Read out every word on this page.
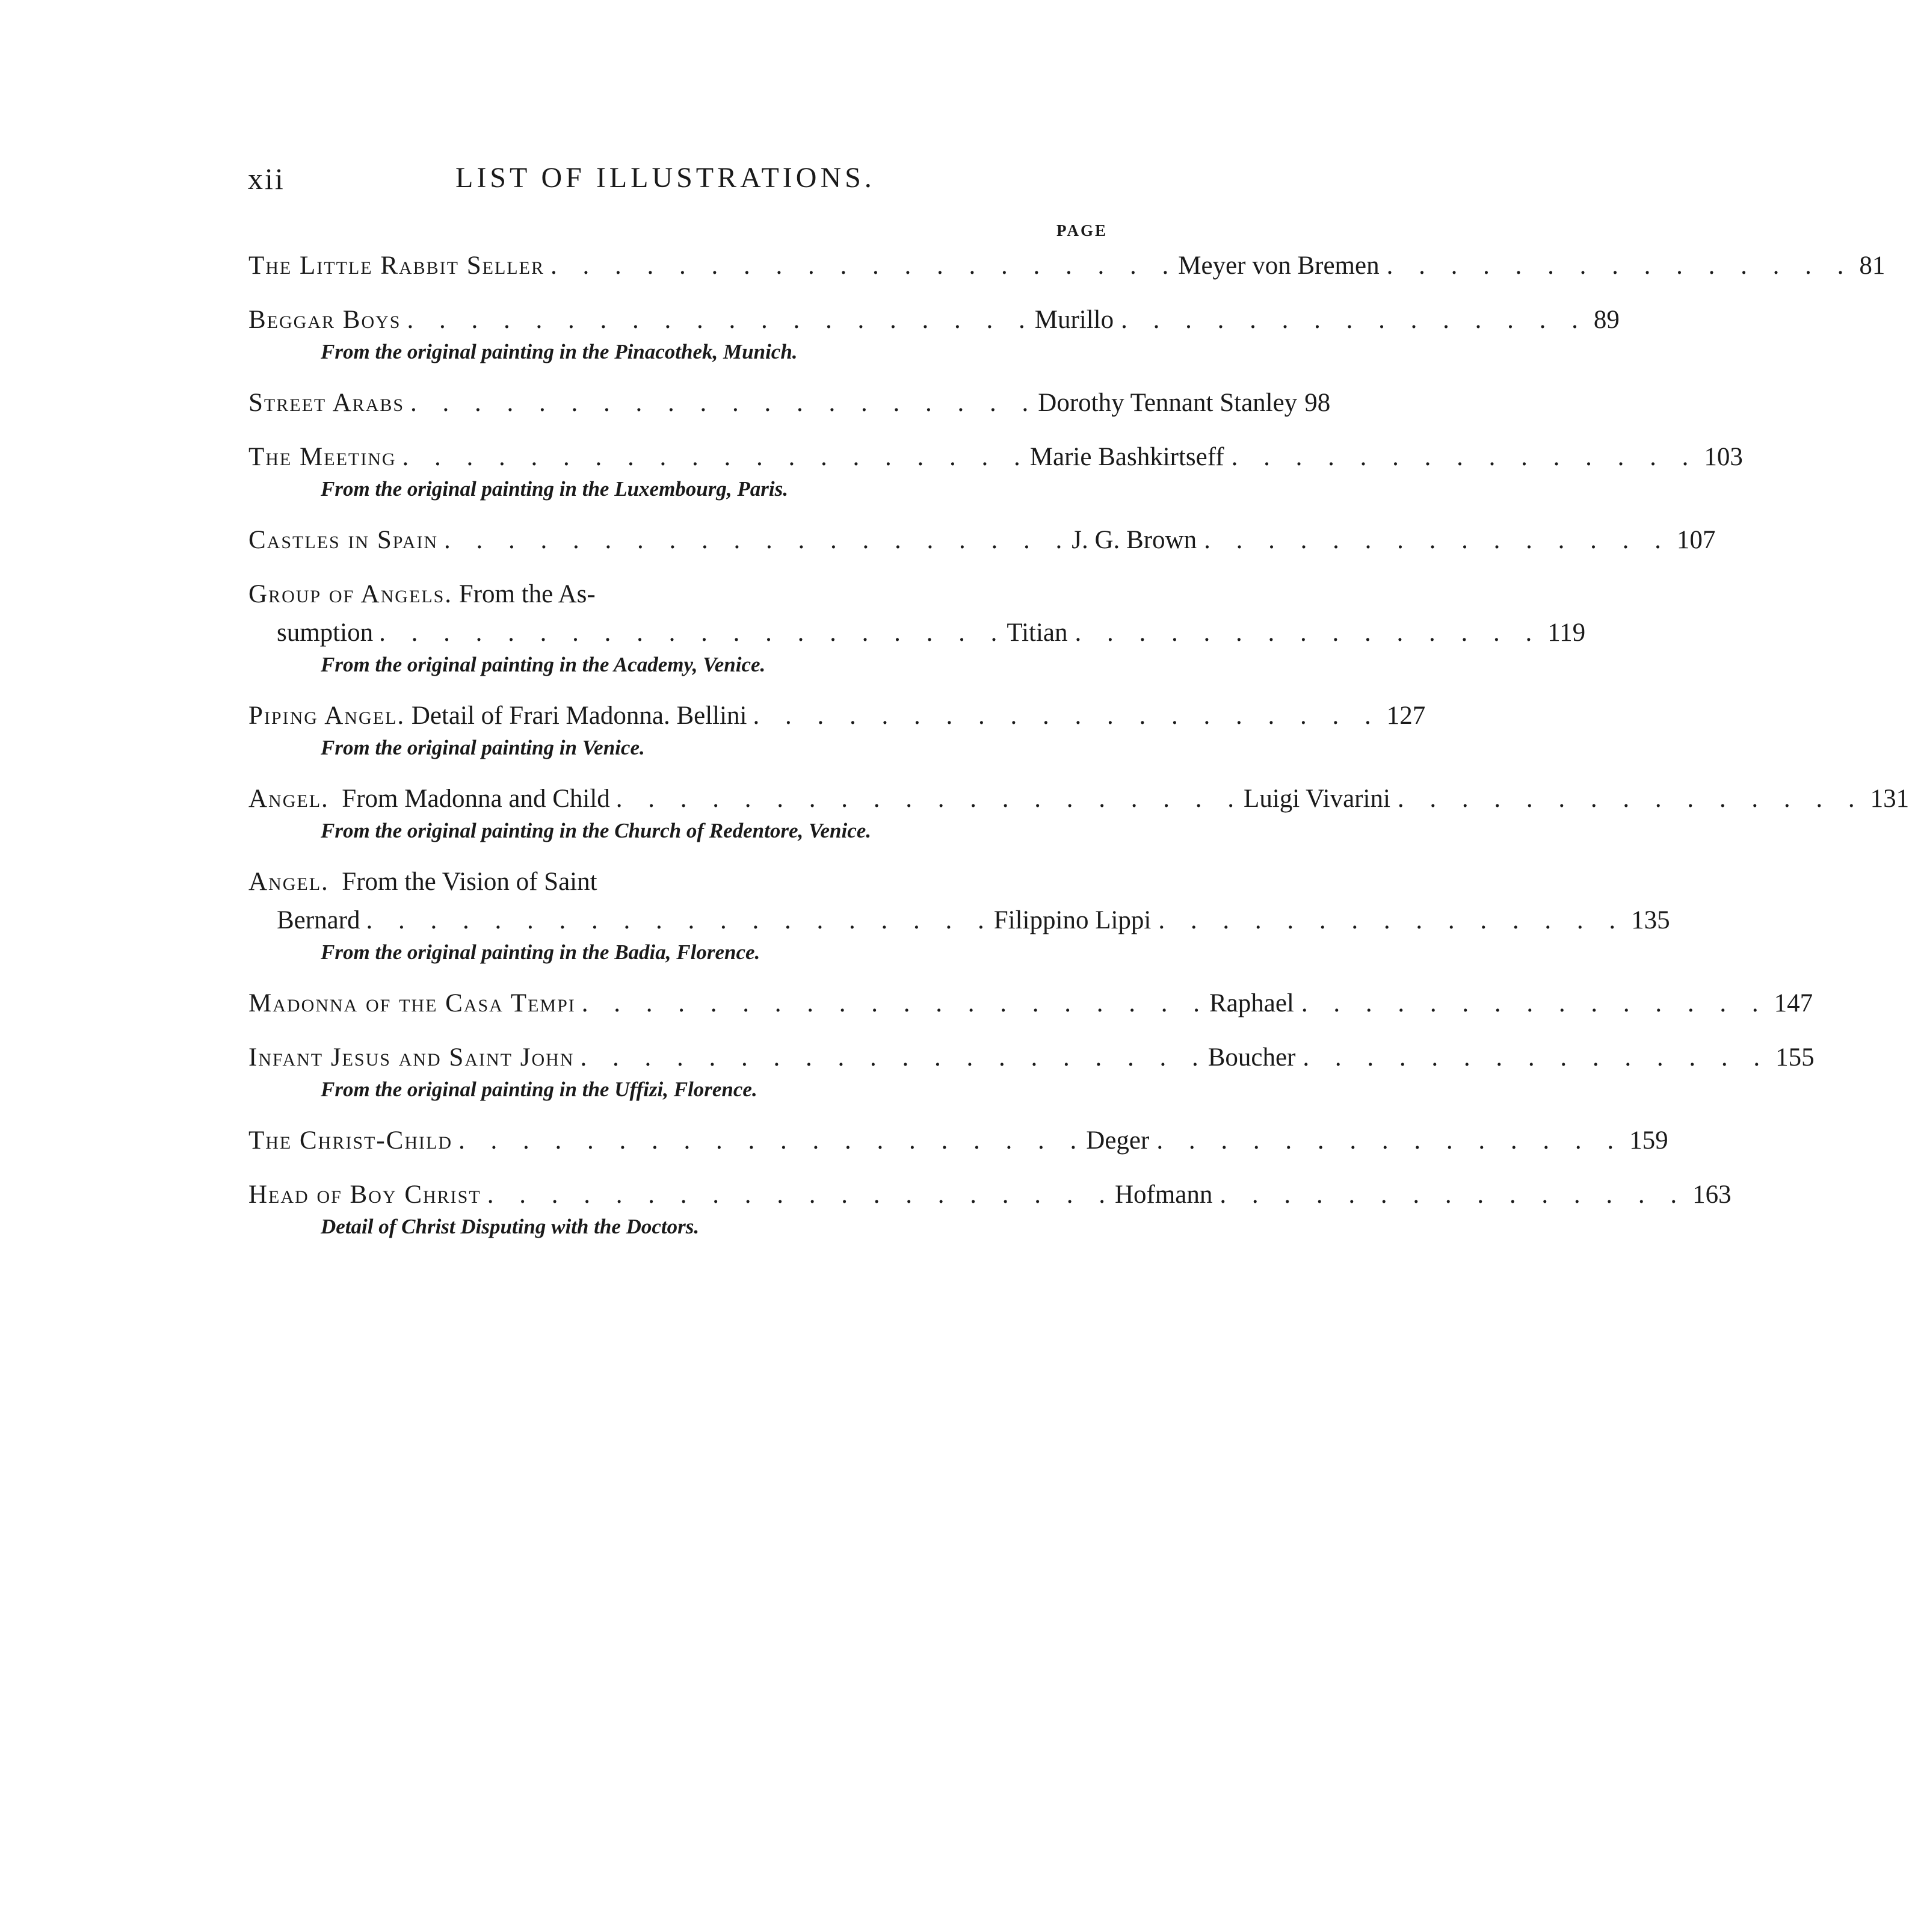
xii	LIST OF ILLUSTRATIONS.
PAGE
The Little Rabbit Seller . . . . . . . . . . . . . . . . . . . . Meyer von Bremen . . . . . . . . . . . . . . . 81
Beggar Boys . . . . . . . . . . . . . . . . . . . . Murillo . . . . . . . . . . . . . . . 89
From the original painting in the Pinacothek, Munich.
Street Arabs . . . . . . . . . . . . . . . . . . . . Dorothy Tennant Stanley 98
The Meeting . . . . . . . . . . . . . . . . . . . . Marie Bashkirtseff . . . . . . . . . . . . . . . 103
From the original painting in the Luxembourg, Paris.
Castles in Spain . . . . . . . . . . . . . . . . . . . . J. G. Brown . . . . . . . . . . . . . . . 107
Group of Angels. From the As-
sumption . . . . . . . . . . . . . . . . . . . . Titian . . . . . . . . . . . . . . . 119
From the original painting in the Academy, Venice.
Piping Angel. Detail of Frari Madonna. Bellini . . . . . . . . . . . . . . . . . . . . 127
From the original painting in Venice.
Angel. From Madonna and Child . . . . . . . . . . . . . . . . . . . . Luigi Vivarini . . . . . . . . . . . . . . . 131
From the original painting in the Church of Redentore, Venice.
Angel. From the Vision of Saint
Bernard . . . . . . . . . . . . . . . . . . . . Filippino Lippi . . . . . . . . . . . . . . . 135
From the original painting in the Badia, Florence.
Madonna of the Casa Tempi . . . . . . . . . . . . . . . . . . . . Raphael . . . . . . . . . . . . . . . 147
Infant Jesus and Saint John . . . . . . . . . . . . . . . . . . . . Boucher . . . . . . . . . . . . . . . 155
From the original painting in the Uffizi, Florence.
The Christ-Child . . . . . . . . . . . . . . . . . . . . Deger . . . . . . . . . . . . . . . 159
Head of Boy Christ . . . . . . . . . . . . . . . . . . . . Hofmann . . . . . . . . . . . . . . . 163
Detail of Christ Disputing with the Doctors.
